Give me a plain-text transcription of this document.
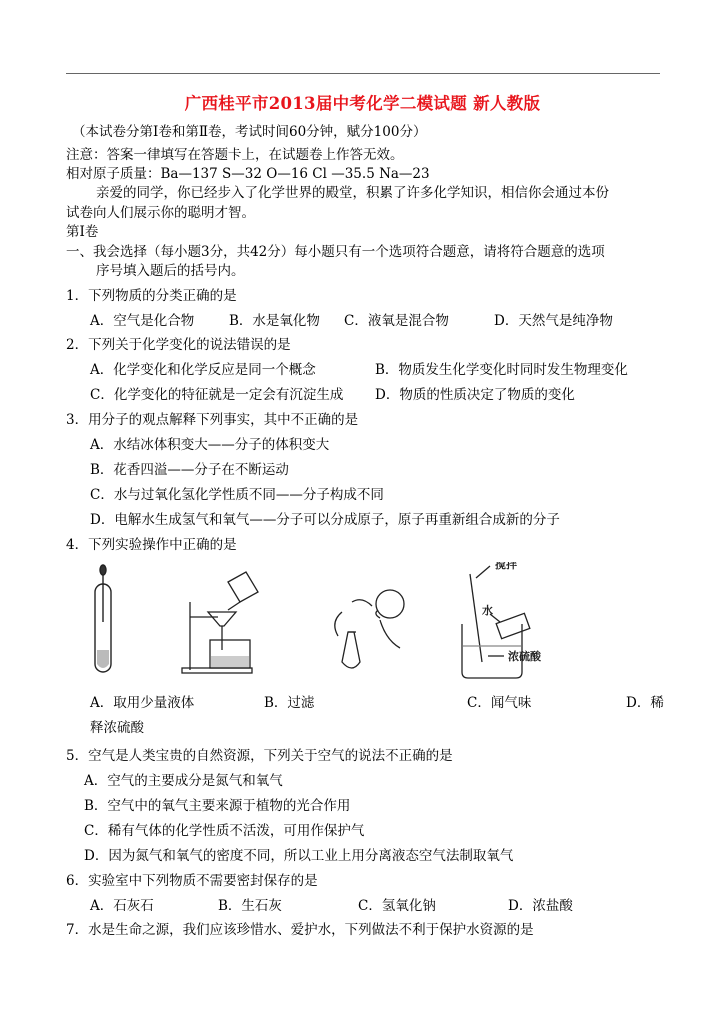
广西桂平市2013届中考化学二模试题 新人教版
（本试卷分第Ⅰ卷和第Ⅱ卷，考试时间60分钟，赋分100分）
注意：答案一律填写在答题卡上，在试题卷上作答无效。
相对原子质量：Ba—137 S—32 O—16 Cl —35.5 Na—23
亲爱的同学，你已经步入了化学世界的殿堂，积累了许多化学知识，相信你会通过本份
试卷向人们展示你的聪明才智。
第Ⅰ卷
一、我会选择（每小题3分，共42分）每小题只有一个选项符合题意，请将符合题意的选项
序号填入题后的括号内。
1．下列物质的分类正确的是
A．空气是化合物	B．水是氧化物 C．液氧是混合物	D．天然气是纯净物
2．下列关于化学变化的说法错误的是
A．化学变化和化学反应是同一个概念	B．物质发生化学变化时同时发生物理变化
C．化学变化的特征就是一定会有沉淀生成 D．物质的性质决定了物质的变化
3．用分子的观点解释下列事实，其中不正确的是
A．水结冰体积变大——分子的体积变大
B．花香四溢——分子在不断运动
C．水与过氧化氢化学性质不同——分子构成不同
D．电解水生成氢气和氧气——分子可以分成原子，原子再重新组合成新的分子
4．下列实验操作中正确的是
搅拌
水
浓硫酸
A．取用少量液体	B．过滤	C．闻气味	D．稀
释浓硫酸
5．空气是人类宝贵的自然资源，下列关于空气的说法不正确的是
A．空气的主要成分是氮气和氧气
B．空气中的氧气主要来源于植物的光合作用
C．稀有气体的化学性质不活泼，可用作保护气
D．因为氮气和氧气的密度不同，所以工业上用分离液态空气法制取氧气
6．实验室中下列物质不需要密封保存的是
A．石灰石	B．生石灰	C．氢氧化钠	D．浓盐酸
7．水是生命之源，我们应该珍惜水、爱护水，下列做法不利于保护水资源的是
